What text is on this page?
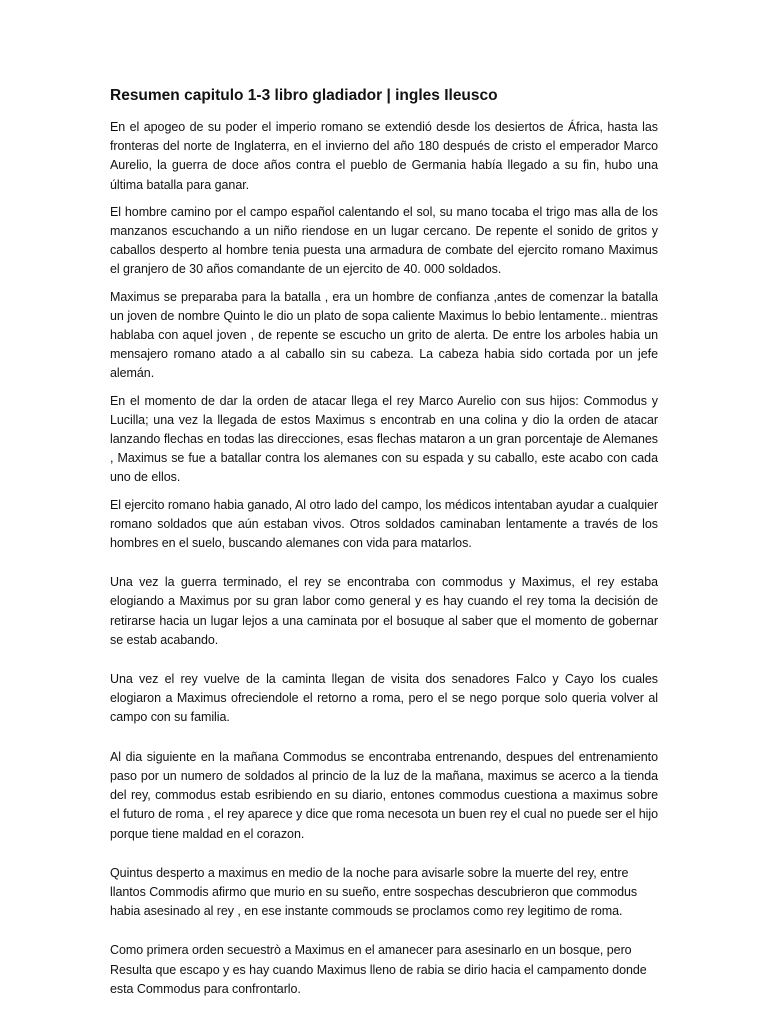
Resumen capitulo 1-3 libro gladiador | ingles Ileusco

En el apogeo de su poder el imperio romano se extendió desde los desiertos de África, hasta las fronteras del norte de Inglaterra, en el invierno del año 180 después de cristo el emperador Marco Aurelio, la guerra de doce años contra el pueblo de Germania había llegado a su fin, hubo una última batalla para ganar.

El hombre camino por el campo español calentando el sol, su mano tocaba el trigo mas alla de los manzanos escuchando a un niño riendose en un lugar cercano. De repente el sonido de gritos y caballos desperto al hombre tenia puesta una armadura de combate del ejercito romano Maximus el granjero de 30 años comandante de un ejercito de 40. 000 soldados.

Maximus se preparaba para la batalla , era un hombre de confianza ,antes de comenzar la batalla un joven de nombre Quinto le dio un plato de sopa caliente Maximus lo bebio lentamente.. mientras hablaba con aquel joven , de repente se escucho un grito de alerta. De entre los arboles habia un mensajero romano atado a al caballo sin su cabeza. La cabeza habia sido cortada por un jefe alemán.

En el momento de dar la orden de atacar llega el rey Marco Aurelio con sus hijos: Commodus y Lucilla; una vez la llegada de estos Maximus s encontrab en una colina y dio la orden de atacar lanzando flechas en todas las direcciones, esas flechas mataron a un gran porcentaje de Alemanes , Maximus se fue a batallar contra los alemanes con su espada y su caballo, este acabo con cada uno de ellos.

El ejercito romano habia ganado, Al otro lado del campo, los médicos intentaban ayudar a cualquier romano soldados que aún estaban vivos. Otros soldados caminaban lentamente a través de los hombres en el suelo, buscando alemanes con vida para matarlos.

Una vez la guerra terminado, el rey se encontraba con commodus y Maximus, el rey estaba elogiando a Maximus por su gran labor como general y es hay cuando el rey toma la decisión de retirarse hacia un lugar lejos a una caminata por el bosuque al saber que el momento de gobernar se estab acabando.

Una vez el rey vuelve de la caminta llegan de visita dos senadores Falco y Cayo los cuales elogiaron a Maximus ofreciendole el retorno a roma, pero el se nego porque solo queria volver al campo con su familia.

Al dia siguiente en la mañana Commodus se encontraba entrenando, despues del entrenamiento paso por un numero de soldados al princio de la luz de la mañana, maximus se acerco a la tienda del rey, commodus estab esribiendo en su diario, entones commodus cuestiona a maximus sobre el futuro de roma , el rey aparece y dice que roma necesota un buen rey el cual no puede ser el hijo porque tiene maldad en el corazon.

Quintus desperto a maximus en medio de la noche para avisarle sobre la muerte del rey, entre llantos Commodis afirmo que murio en su sueño, entre sospechas descubrieron que commodus habia asesinado al rey , en ese instante commouds se proclamos como rey legitimo de roma.

Como primera orden secuestrò a Maximus en el amanecer para asesinarlo en un bosque, pero Resulta que escapo y es hay cuando Maximus lleno de rabia se dirio hacia el campamento donde esta Commodus para confrontarlo.
